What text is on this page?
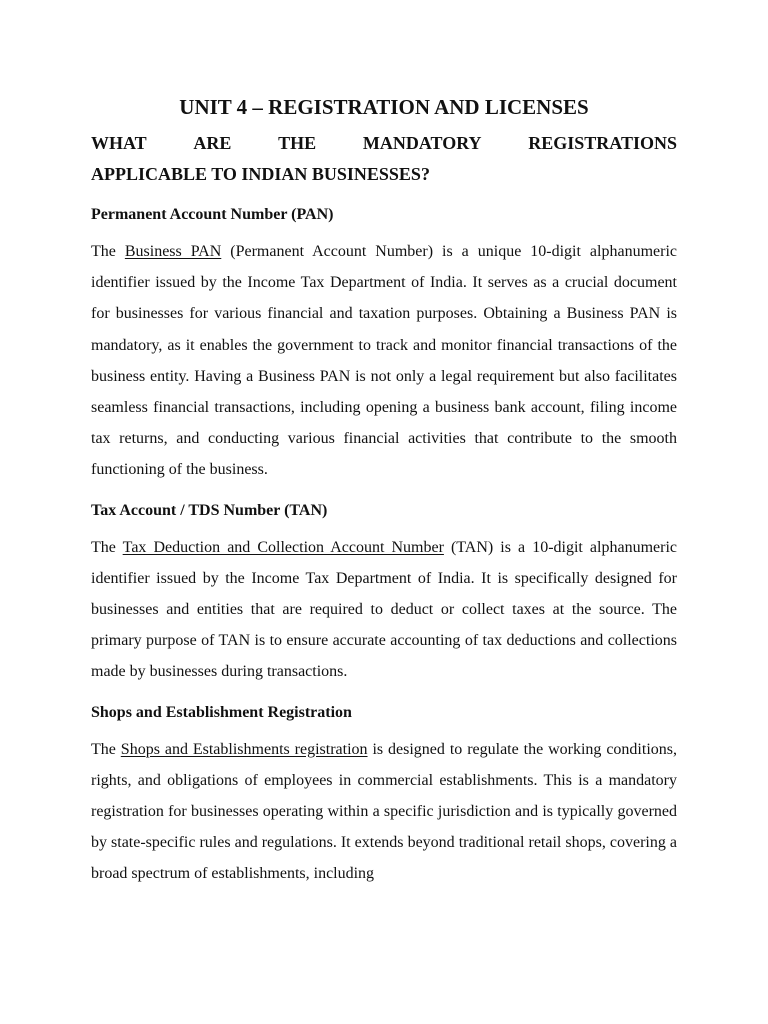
UNIT 4 – REGISTRATION AND LICENSES
WHAT	ARE	THE	MANDATORY	REGISTRATIONS
APPLICABLE TO INDIAN BUSINESSES?
Permanent Account Number (PAN)

The Business PAN (Permanent Account Number) is a unique 10-digit alphanumeric identifier issued by the Income Tax Department of India. It serves as a crucial document for businesses for various financial and taxation purposes. Obtaining a Business PAN is mandatory, as it enables the government to track and monitor financial transactions of the business entity. Having a Business PAN is not only a legal requirement but also facilitates seamless financial transactions, including opening a business bank account, filing income tax returns, and conducting various financial activities that contribute to the smooth functioning of the business.

Tax Account / TDS Number (TAN)

The Tax Deduction and Collection Account Number (TAN) is a 10-digit alphanumeric identifier issued by the Income Tax Department of India. It is specifically designed for businesses and entities that are required to deduct or collect taxes at the source. The primary purpose of TAN is to ensure accurate accounting of tax deductions and collections made by businesses during transactions.

Shops and Establishment Registration

The Shops and Establishments registration is designed to regulate the working conditions, rights, and obligations of employees in commercial establishments. This is a mandatory registration for businesses operating within a specific jurisdiction and is typically governed by state-specific rules and regulations. It extends beyond traditional retail shops, covering a broad spectrum of establishments, including
